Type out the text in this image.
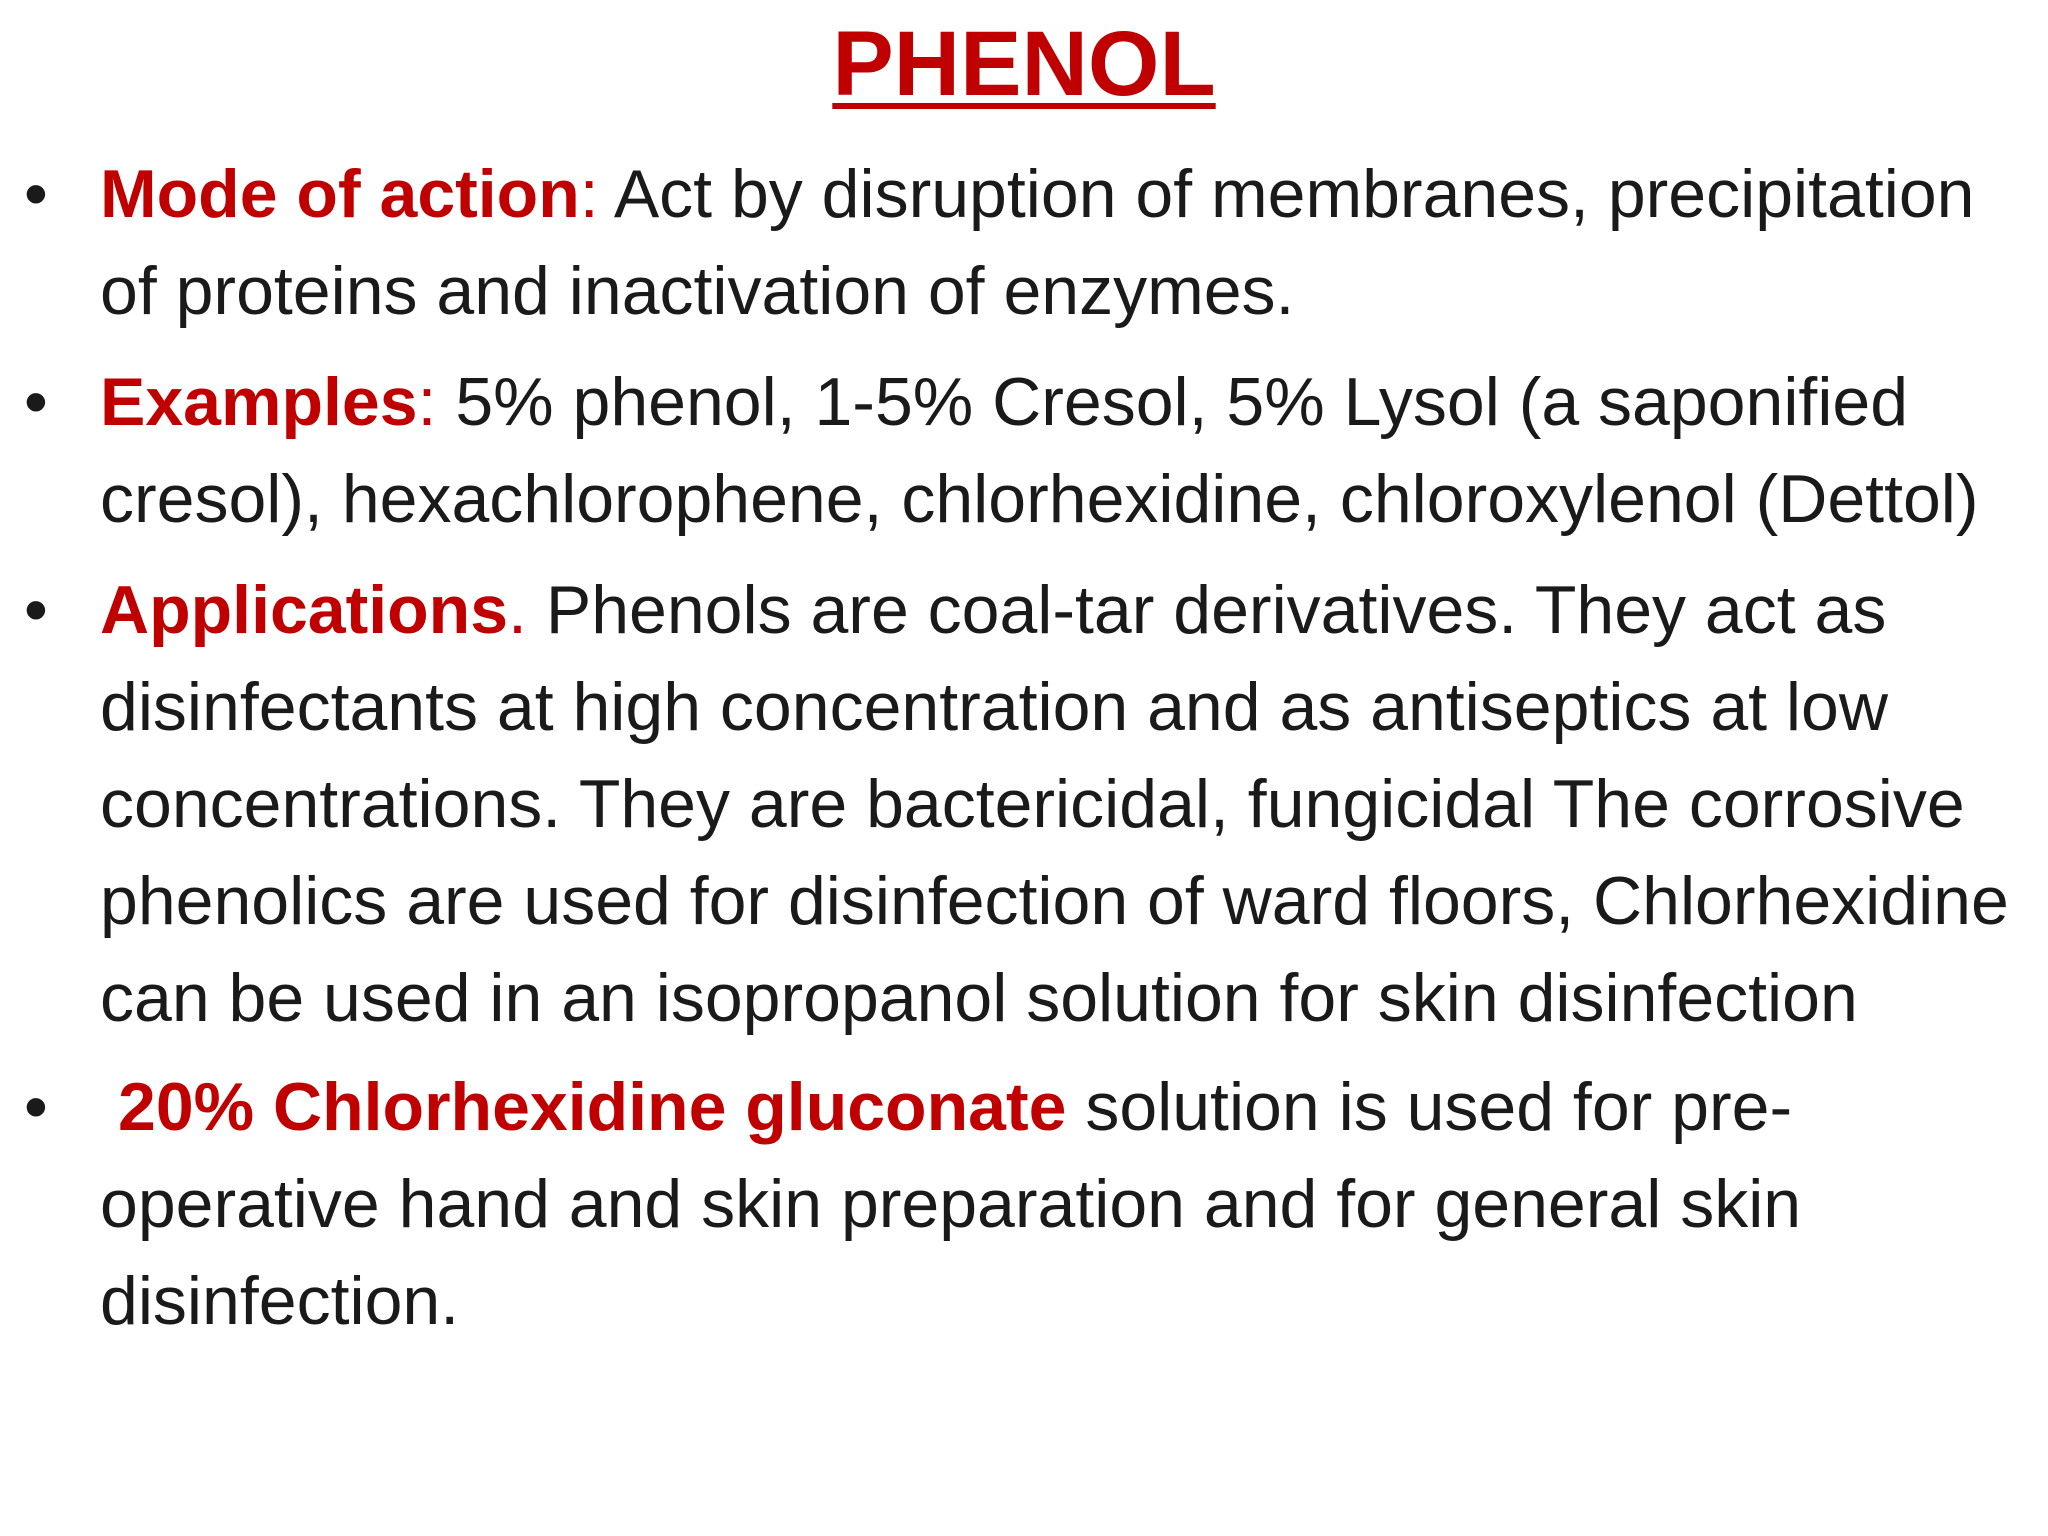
PHENOL
• Mode of action: Act by disruption of membranes, precipitation of proteins and inactivation of enzymes.
• Examples: 5% phenol, 1-5% Cresol, 5% Lysol (a saponified cresol), hexachlorophene, chlorhexidine, chloroxylenol (Dettol)
• Applications. Phenols are coal-tar derivatives. They act as disinfectants at high concentration and as antiseptics at low concentrations. They are bactericidal, fungicidal The corrosive phenolics are used for disinfection of ward floors, Chlorhexidine can be used in an isopropanol solution for skin disinfection
• 20% Chlorhexidine gluconate solution is used for pre-operative hand and skin preparation and for general skin disinfection.
